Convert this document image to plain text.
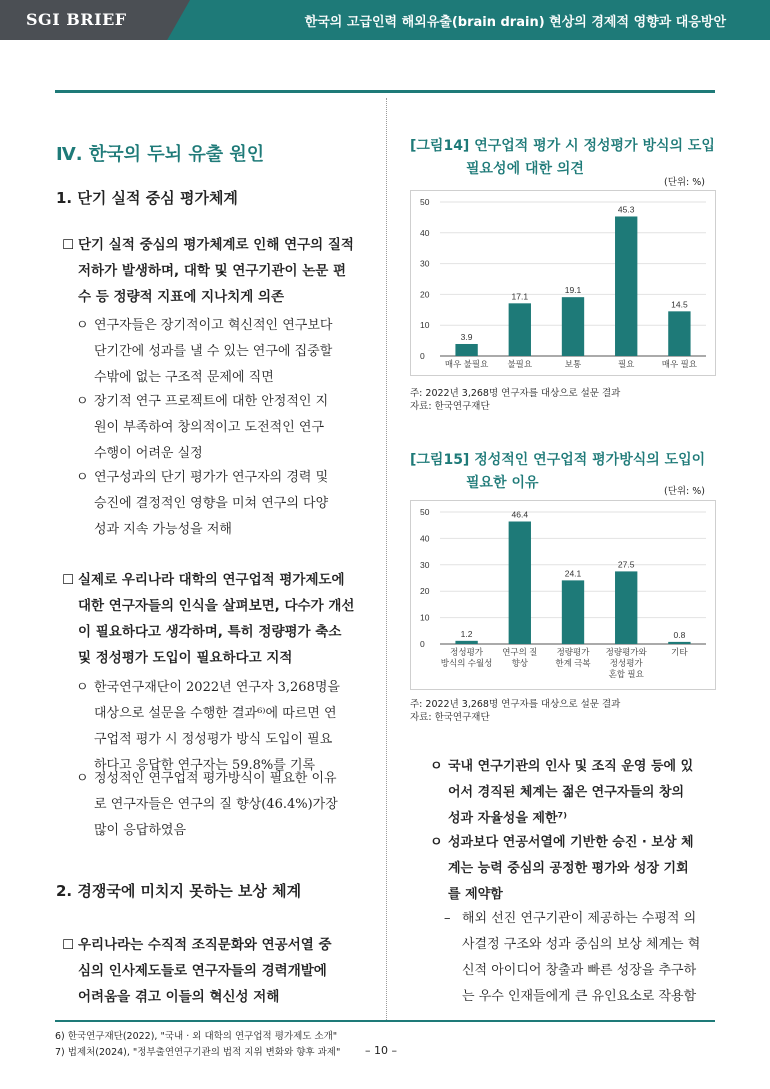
SGI BRIEF	한국의 고급인력 해외유출(brain drain) 현상의 경제적 영향과 대응방안
Ⅳ. 한국의 두뇌 유출 원인
1. 단기 실적 중심 평가체계
☐ 단기 실적 중심의 평가체계로 인해 연구의 질적
저하가 발생하며, 대학 및 연구기관이 논문 편
수 등 정량적 지표에 지나치게 의존
ㅇ 연구자들은 장기적이고 혁신적인 연구보다
단기간에 성과를 낼 수 있는 연구에 집중할
수밖에 없는 구조적 문제에 직면
ㅇ 장기적 연구 프로젝트에 대한 안정적인 지
원이 부족하여 창의적이고 도전적인 연구
수행이 어려운 실정
ㅇ 연구성과의 단기 평가가 연구자의 경력 및
승진에 결정적인 영향을 미쳐 연구의 다양
성과 지속 가능성을 저해
☐ 실제로 우리나라 대학의 연구업적 평가제도에
대한 연구자들의 인식을 살펴보면, 다수가 개선
이 필요하다고 생각하며, 특히 정량평가 축소
및 정성평가 도입이 필요하다고 지적
ㅇ 한국연구재단이 2022년 연구자 3,268명을
대상으로 설문을 수행한 결과⁶⁾에 따르면 연
구업적 평가 시 정성평가 방식 도입이 필요
하다고 응답한 연구자는 59.8%를 기록
ㅇ 정성적인 연구업적 평가방식이 필요한 이유
로 연구자들은 연구의 질 향상(46.4%)가장
많이 응답하였음
2. 경쟁국에 미치지 못하는 보상 체계
☐ 우리나라는 수직적 조직문화와 연공서열 중
심의 인사제도들로 연구자들의 경력개발에
어려움을 겪고 이들의 혁신성 저해
[그림14] 연구업적 평가 시 정성평가 방식의 도입
필요성에 대한 의견
(단위: %)
0
10
20
30
40
50
3.9
매우 불필요
17.1
불필요
19.1
보통
45.3
필요
14.5
매우 필요
주: 2022년 3,268명 연구자를 대상으로 설문 결과
자료: 한국연구재단
[그림15] 정성적인 연구업적 평가방식의 도입이
필요한 이유
(단위: %)
0
10
20
30
40
50
1.2
정성평가
방식의 수월성
46.4
연구의 질
향상
24.1
정량평가
한계 극복
27.5
정량평가와
정성평가
혼합 필요
0.8
기타
주: 2022년 3,268명 연구자를 대상으로 설문 결과
자료: 한국연구재단
ㅇ 국내 연구기관의 인사 및 조직 운영 등에 있
어서 경직된 체계는 젊은 연구자들의 창의
성과 자율성을 제한⁷⁾
ㅇ 성과보다 연공서열에 기반한 승진 · 보상 체
계는 능력 중심의 공정한 평가와 성장 기회
를 제약함
– 해외 선진 연구기관이 제공하는 수평적 의
사결정 구조와 성과 중심의 보상 체계는 혁
신적 아이디어 창출과 빠른 성장을 추구하
는 우수 인재들에게 큰 유인요소로 작용함
6) 한국연구재단(2022), "국내 · 외 대학의 연구업적 평가제도 소개"
7) 법제처(2024), "정부출연연구기관의 법적 지위 변화와 향후 과제" – 10 –
